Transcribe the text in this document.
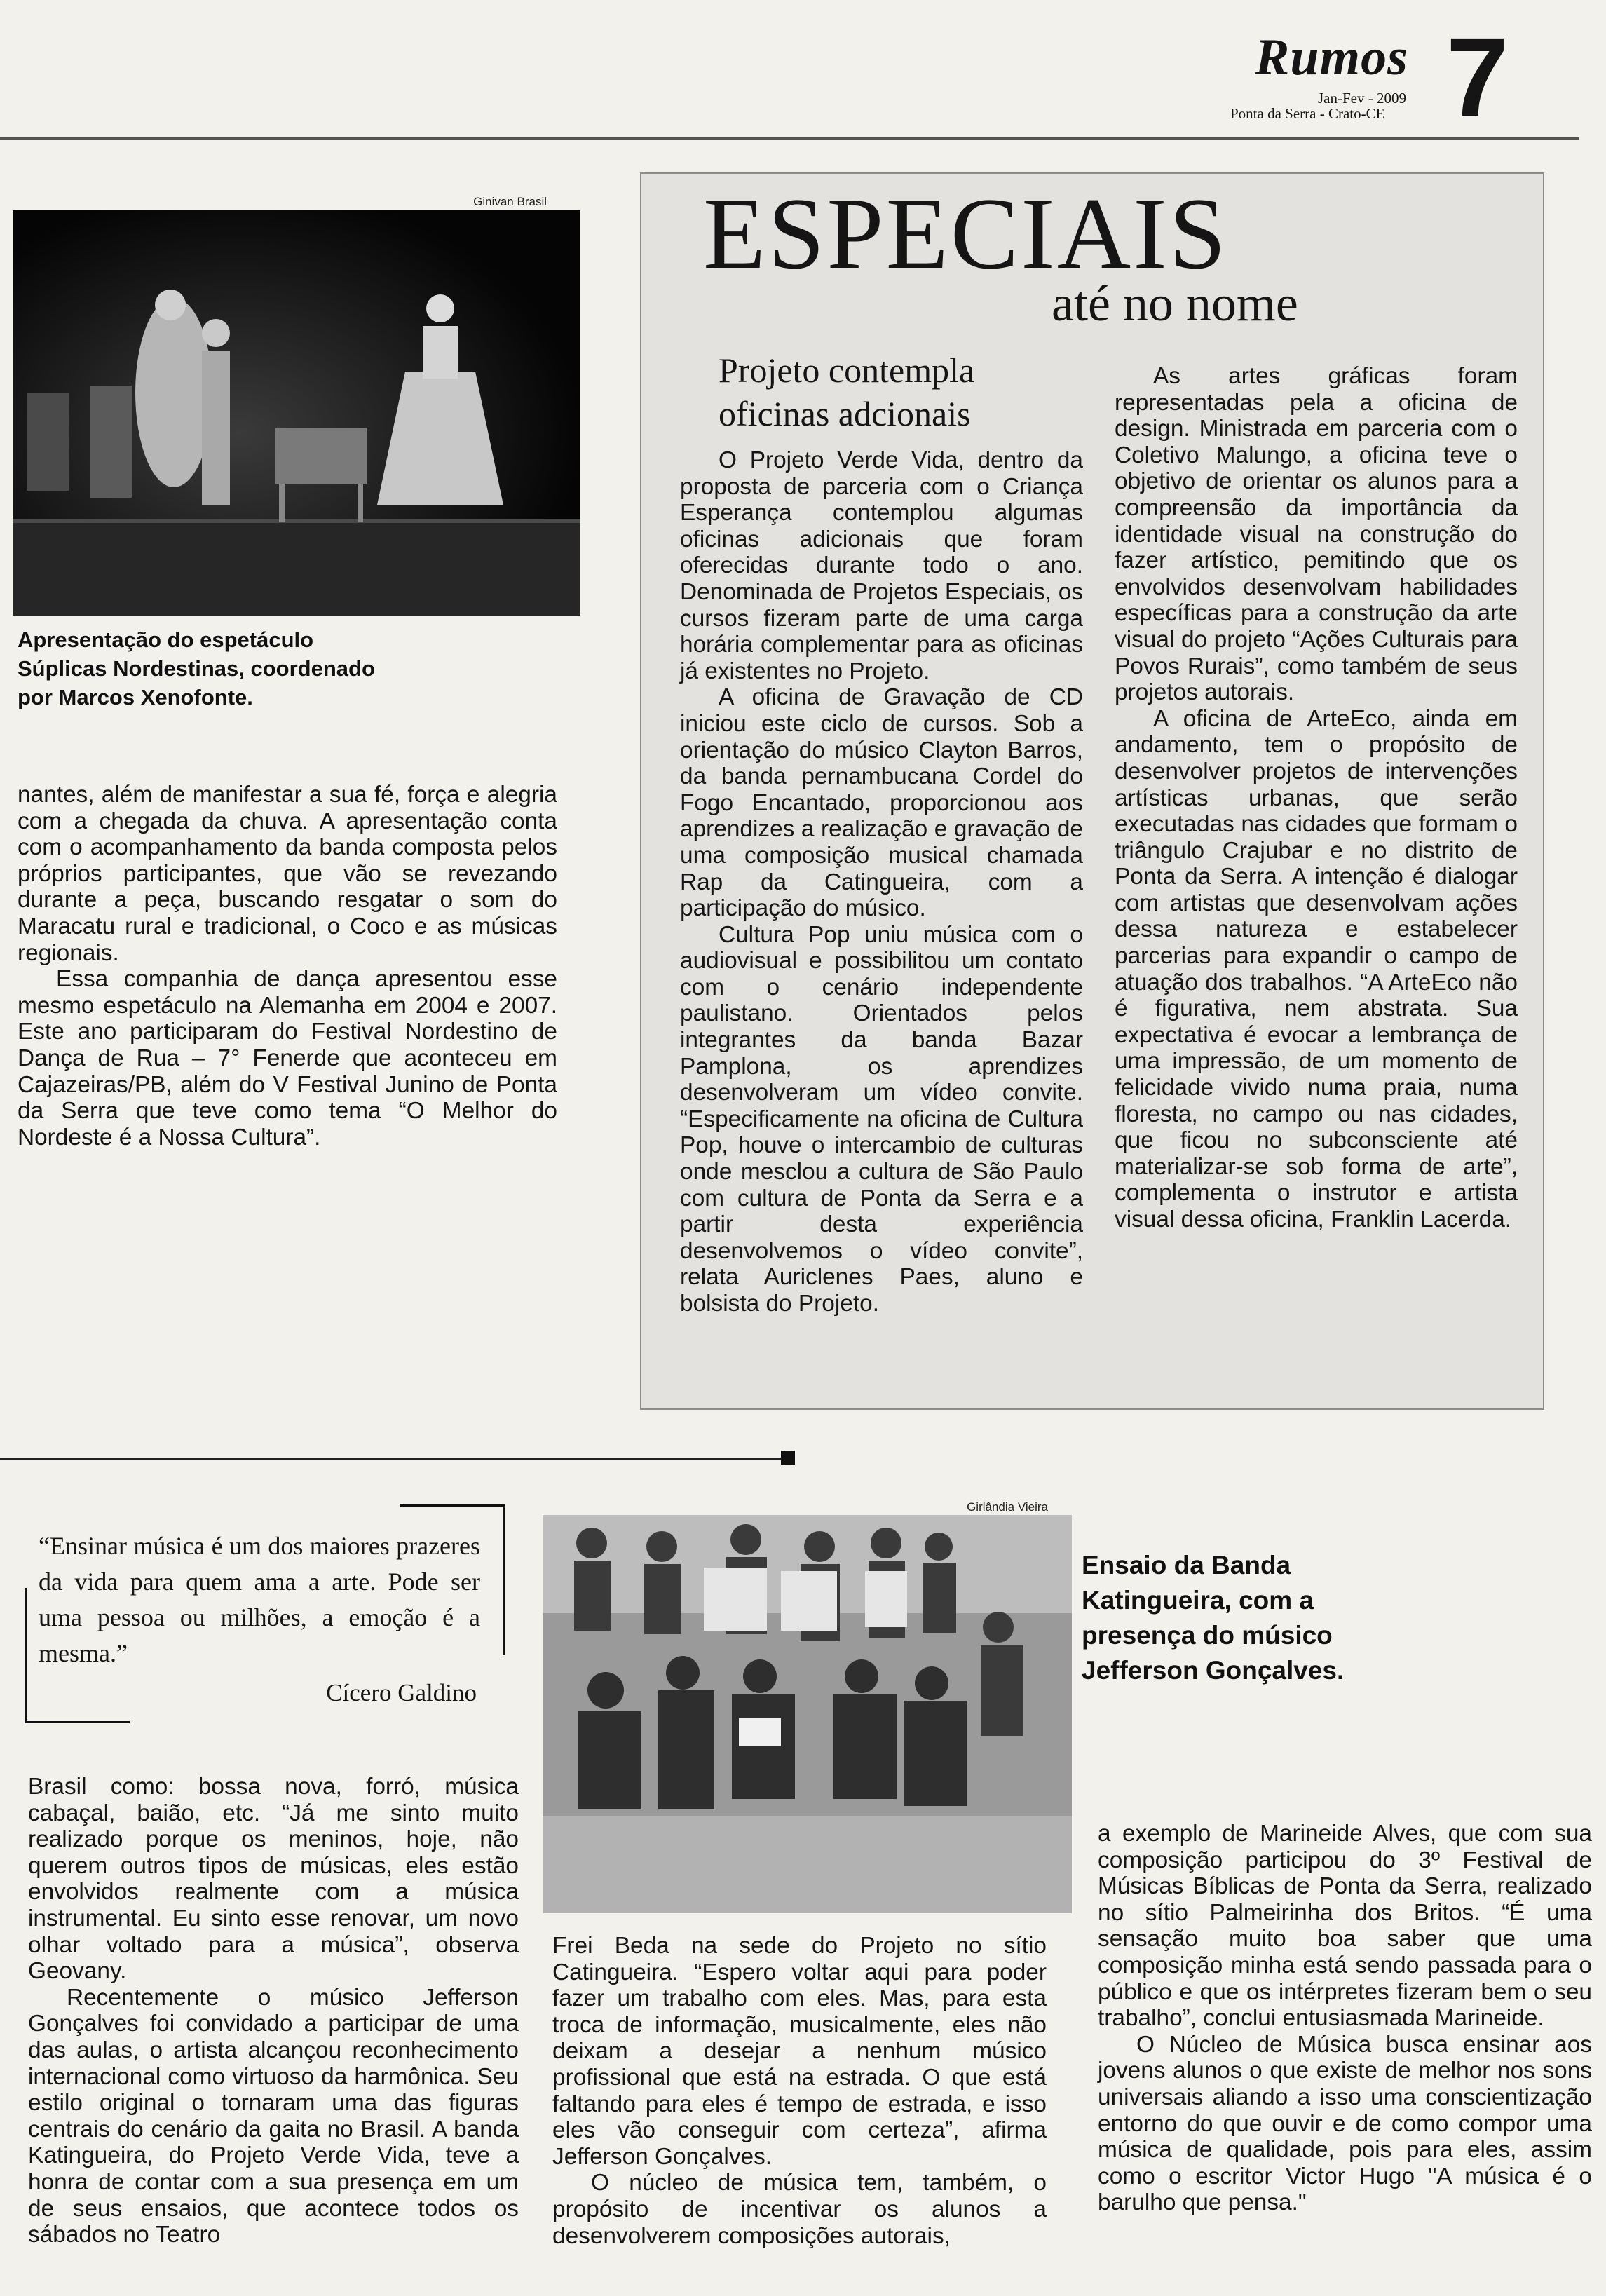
Rumos
Jan-Fev - 2009
Ponta da Serra - Crato-CE 7
Ginivan Brasil
Apresentação do espetáculo
Súplicas Nordestinas, coordenado
por Marcos Xenofonte.

nantes, além de manifestar a sua fé, força e alegria com a chegada da chuva. A apresentação conta com o acompanhamento da banda composta pelos próprios participantes, que vão se revezando durante a peça, buscando resgatar o som do Maracatu rural e tradicional, o Coco e as músicas regionais.

Essa companhia de dança apresentou esse mesmo espetáculo na Alemanha em 2004 e 2007. Este ano participaram do Festival Nordestino de Dança de Rua – 7° Fenerde que aconteceu em Cajazeiras/PB, além do V Festival Junino de Ponta da Serra que teve como tema “O Melhor do Nordeste é a Nossa Cultura”.

ESPECIAIS
até no nome
Projeto contempla oficinas adcionais

O Projeto Verde Vida, dentro da proposta de parceria com o Criança Esperança contemplou algumas oficinas adicionais que foram oferecidas durante todo o ano. Denominada de Projetos Especiais, os cursos fizeram parte de uma carga horária complementar para as oficinas já existentes no Projeto.

A oficina de Gravação de CD iniciou este ciclo de cursos. Sob a orientação do músico Clayton Barros, da banda pernambucana Cordel do Fogo Encantado, proporcionou aos aprendizes a realização e gravação de uma composição musical chamada Rap da Catingueira, com a participação do músico.

Cultura Pop uniu música com o audiovisual e possibilitou um contato com o cenário independente paulistano. Orientados pelos integrantes da banda Bazar Pamplona, os aprendizes desenvolveram um vídeo convite. “Especificamente na oficina de Cultura Pop, houve o intercambio de culturas onde mesclou a cultura de São Paulo com cultura de Ponta da Serra e a partir desta experiência desenvolvemos o vídeo convite”, relata Auriclenes Paes, aluno e bolsista do Projeto.

As artes gráficas foram representadas pela a oficina de design. Ministrada em parceria com o Coletivo Malungo, a oficina teve o objetivo de orientar os alunos para a compreensão da importância da identidade visual na construção do fazer artístico, pemitindo que os envolvidos desenvolvam habilidades específicas para a construção da arte visual do projeto “Ações Culturais para Povos Rurais”, como também de seus projetos autorais.

A oficina de ArteEco, ainda em andamento, tem o propósito de desenvolver projetos de intervenções artísticas urbanas, que serão executadas nas cidades que formam o triângulo Crajubar e no distrito de Ponta da Serra. A intenção é dialogar com artistas que desenvolvam ações dessa natureza e estabelecer parcerias para expandir o campo de atuação dos trabalhos. “A ArteEco não é figurativa, nem abstrata. Sua expectativa é evocar a lembrança de uma impressão, de um momento de felicidade vivido numa praia, numa floresta, no campo ou nas cidades, que ficou no subconsciente até materializar-se sob forma de arte”, complementa o instrutor e artista visual dessa oficina, Franklin Lacerda.

“Ensinar música é um dos maiores prazeres da vida para quem ama a arte. Pode ser uma pessoa ou milhões, a emoção é a mesma.”
Cícero Galdino
Girlândia Vieira
Ensaio da Banda
Katingueira, com a
presença do músico
Jefferson Gonçalves.

Brasil como: bossa nova, forró, música cabaçal, baião, etc. “Já me sinto muito realizado porque os meninos, hoje, não querem outros tipos de músicas, eles estão envolvidos realmente com a música instrumental. Eu sinto esse renovar, um novo olhar voltado para a música”, observa Geovany.

Recentemente o músico Jefferson Gonçalves foi convidado a participar de uma das aulas, o artista alcançou reconhecimento internacional como virtuoso da harmônica. Seu estilo original o tornaram uma das figuras centrais do cenário da gaita no Brasil. A banda Katingueira, do Projeto Verde Vida, teve a honra de contar com a sua presença em um de seus ensaios, que acontece todos os sábados no Teatro

Frei Beda na sede do Projeto no sítio Catingueira. “Espero voltar aqui para poder fazer um trabalho com eles. Mas, para esta troca de informação, musicalmente, eles não deixam a desejar a nenhum músico profissional que está na estrada. O que está faltando para eles é tempo de estrada, e isso eles vão conseguir com certeza”, afirma Jefferson Gonçalves.

O núcleo de música tem, também, o propósito de incentivar os alunos a desenvolverem composições autorais,

a exemplo de Marineide Alves, que com sua composição participou do 3º Festival de Músicas Bíblicas de Ponta da Serra, realizado no sítio Palmeirinha dos Britos. “É uma sensação muito boa saber que uma composição minha está sendo passada para o público e que os intérpretes fizeram bem o seu trabalho”, conclui entusiasmada Marineide.

O Núcleo de Música busca ensinar aos jovens alunos o que existe de melhor nos sons universais aliando a isso uma conscientização entorno do que ouvir e de como compor uma música de qualidade, pois para eles, assim como o escritor Victor Hugo "A música é o barulho que pensa."
